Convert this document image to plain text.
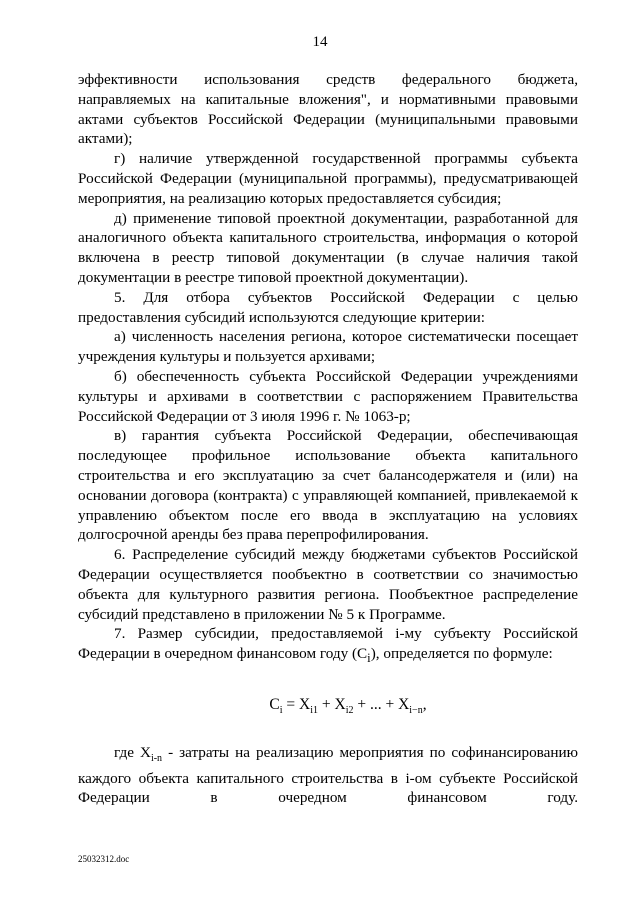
14

эффективности использования средств федерального бюджета, направляемых на капитальные вложения", и нормативными правовыми актами субъектов Российской Федерации (муниципальными правовыми актами);

г) наличие утвержденной государственной программы субъекта Российской Федерации (муниципальной программы), предусматривающей мероприятия, на реализацию которых предоставляется субсидия;

д) применение типовой проектной документации, разработанной для аналогичного объекта капитального строительства, информация о которой включена в реестр типовой документации (в случае наличия такой документации в реестре типовой проектной документации).

5. Для отбора субъектов Российской Федерации с целью предоставления субсидий используются следующие критерии:

а) численность населения региона, которое систематически посещает учреждения культуры и пользуется архивами;

б) обеспеченность субъекта Российской Федерации учреждениями культуры и архивами в соответствии с распоряжением Правительства Российской Федерации от 3 июля 1996 г. № 1063-р;

в) гарантия субъекта Российской Федерации, обеспечивающая последующее профильное использование объекта капитального строительства и его эксплуатацию за счет балансодержателя и (или) на основании договора (контракта) с управляющей компанией, привлекаемой к управлению объектом после его ввода в эксплуатацию на условиях долгосрочной аренды без права перепрофилирования.

6. Распределение субсидий между бюджетами субъектов Российской Федерации осуществляется пообъектно в соответствии со значимостью объекта для культурного развития региона. Пообъектное распределение субсидий представлено в приложении № 5 к Программе.

7. Размер субсидии, предоставляемой i-му субъекту Российской Федерации в очередном финансовом году $(C_i)$, определяется по формуле:

$C_i = X_{i1} + X_{i2}$ + ... + $X_{i-n}$,

где $X_{i-n}$ - затраты на реализацию мероприятия по софинансированию каждого объекта капитального строительства в i-ом субъекте Российской Федерации в очередном финансовом году.

25032312.doc
